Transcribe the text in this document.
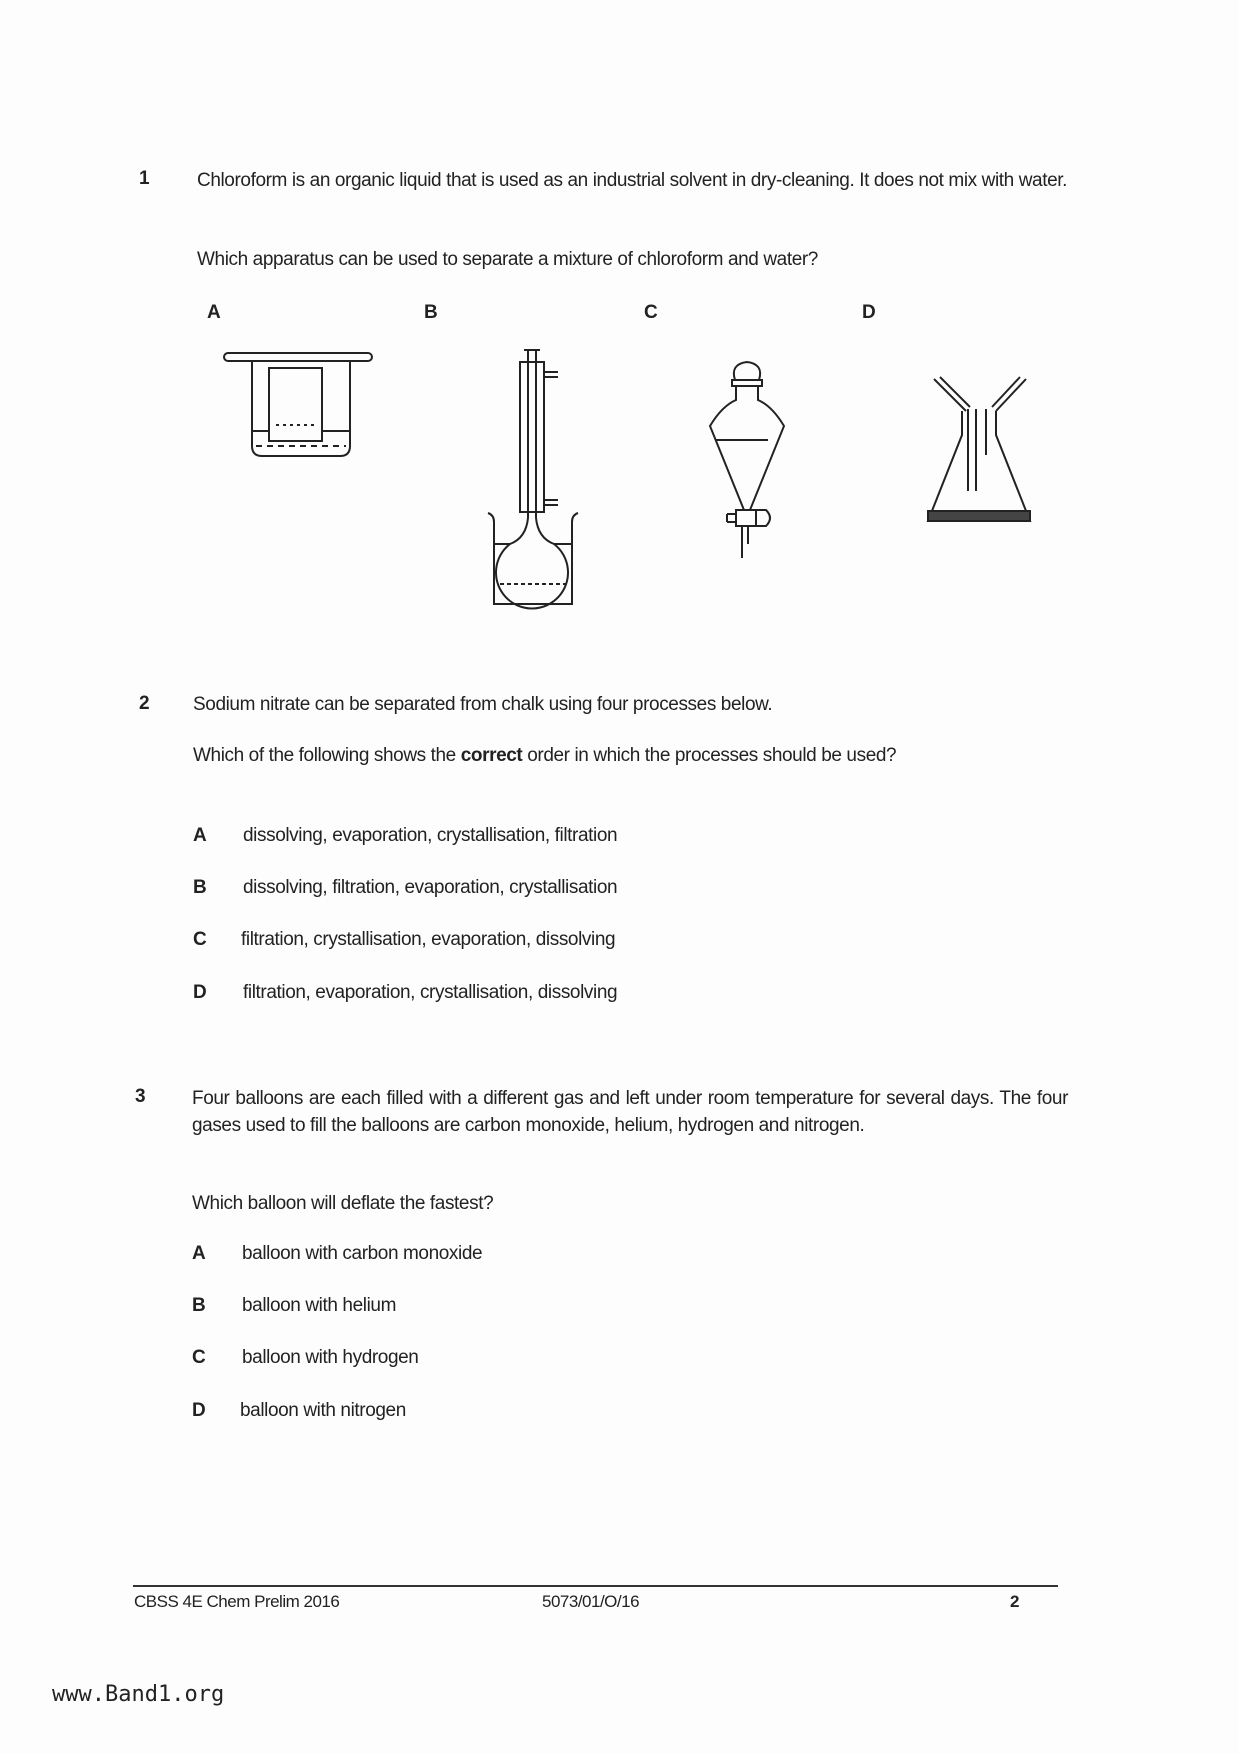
1 Chloroform is an organic liquid that is used as an industrial solvent in dry-cleaning. It does not mix with water.
Which apparatus can be used to separate a mixture of chloroform and water?
A	B	C	D
2 Sodium nitrate can be separated from chalk using four processes below.
Which of the following shows the correct order in which the processes should be used?
A dissolving, evaporation, crystallisation, filtration
B dissolving, filtration, evaporation, crystallisation
C filtration, crystallisation, evaporation, dissolving
D filtration, evaporation, crystallisation, dissolving
3 Four balloons are each filled with a different gas and left under room temperature for several days. The four gases used to fill the balloons are carbon monoxide, helium, hydrogen and nitrogen.
Which balloon will deflate the fastest?
A balloon with carbon monoxide
B balloon with helium
C balloon with hydrogen
D balloon with nitrogen
CBSS 4E Chem Prelim 2016	5073/01/O/16	2
www.Band1.org
